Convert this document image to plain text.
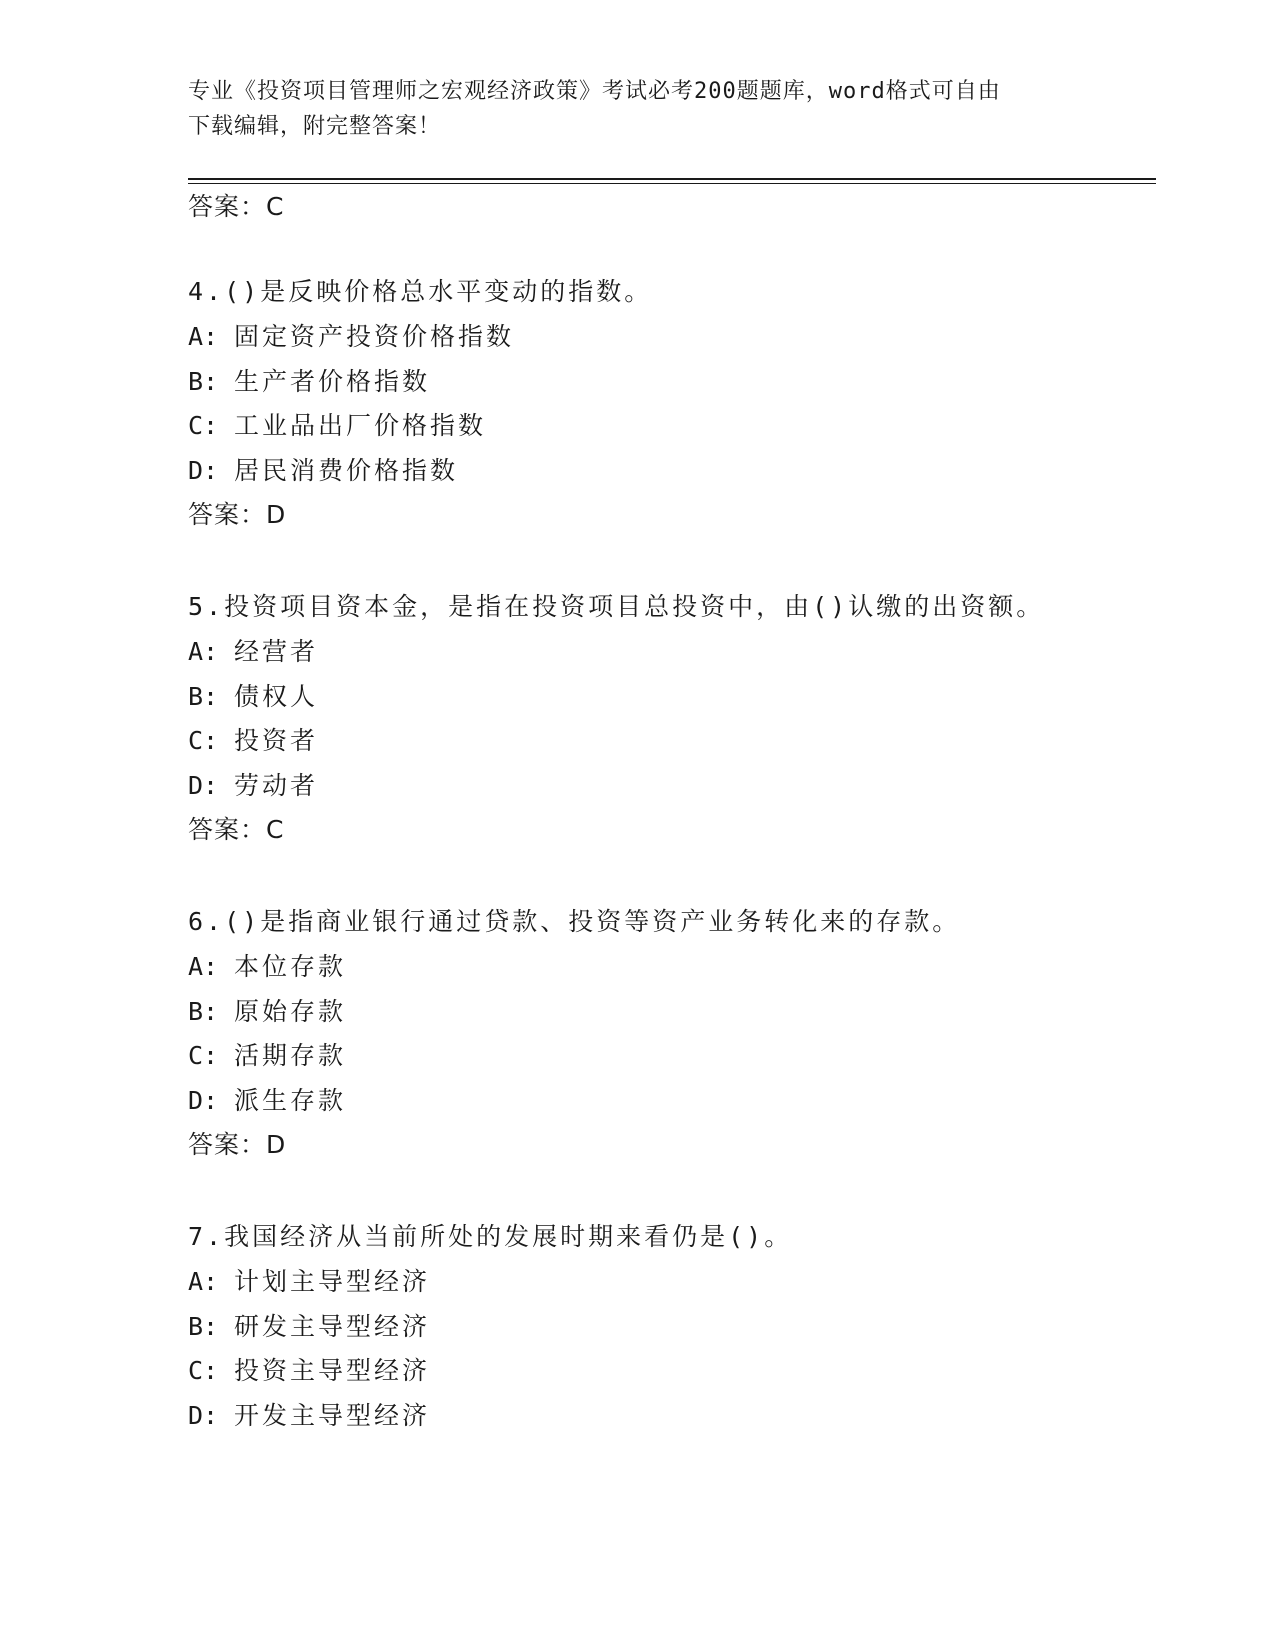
专业《投资项目管理师之宏观经济政策》考试必考200题题库，word格式可自由
下载编辑，附完整答案！
答案：C
4.()是反映价格总水平变动的指数。
A: 固定资产投资价格指数
B: 生产者价格指数
C: 工业品出厂价格指数
D: 居民消费价格指数
答案：D
5.投资项目资本金，是指在投资项目总投资中，由()认缴的出资额。
A: 经营者
B: 债权人
C: 投资者
D: 劳动者
答案：C
6.()是指商业银行通过贷款、投资等资产业务转化来的存款。
A: 本位存款
B: 原始存款
C: 活期存款
D: 派生存款
答案：D
7.我国经济从当前所处的发展时期来看仍是()。
A: 计划主导型经济
B: 研发主导型经济
C: 投资主导型经济
D: 开发主导型经济
